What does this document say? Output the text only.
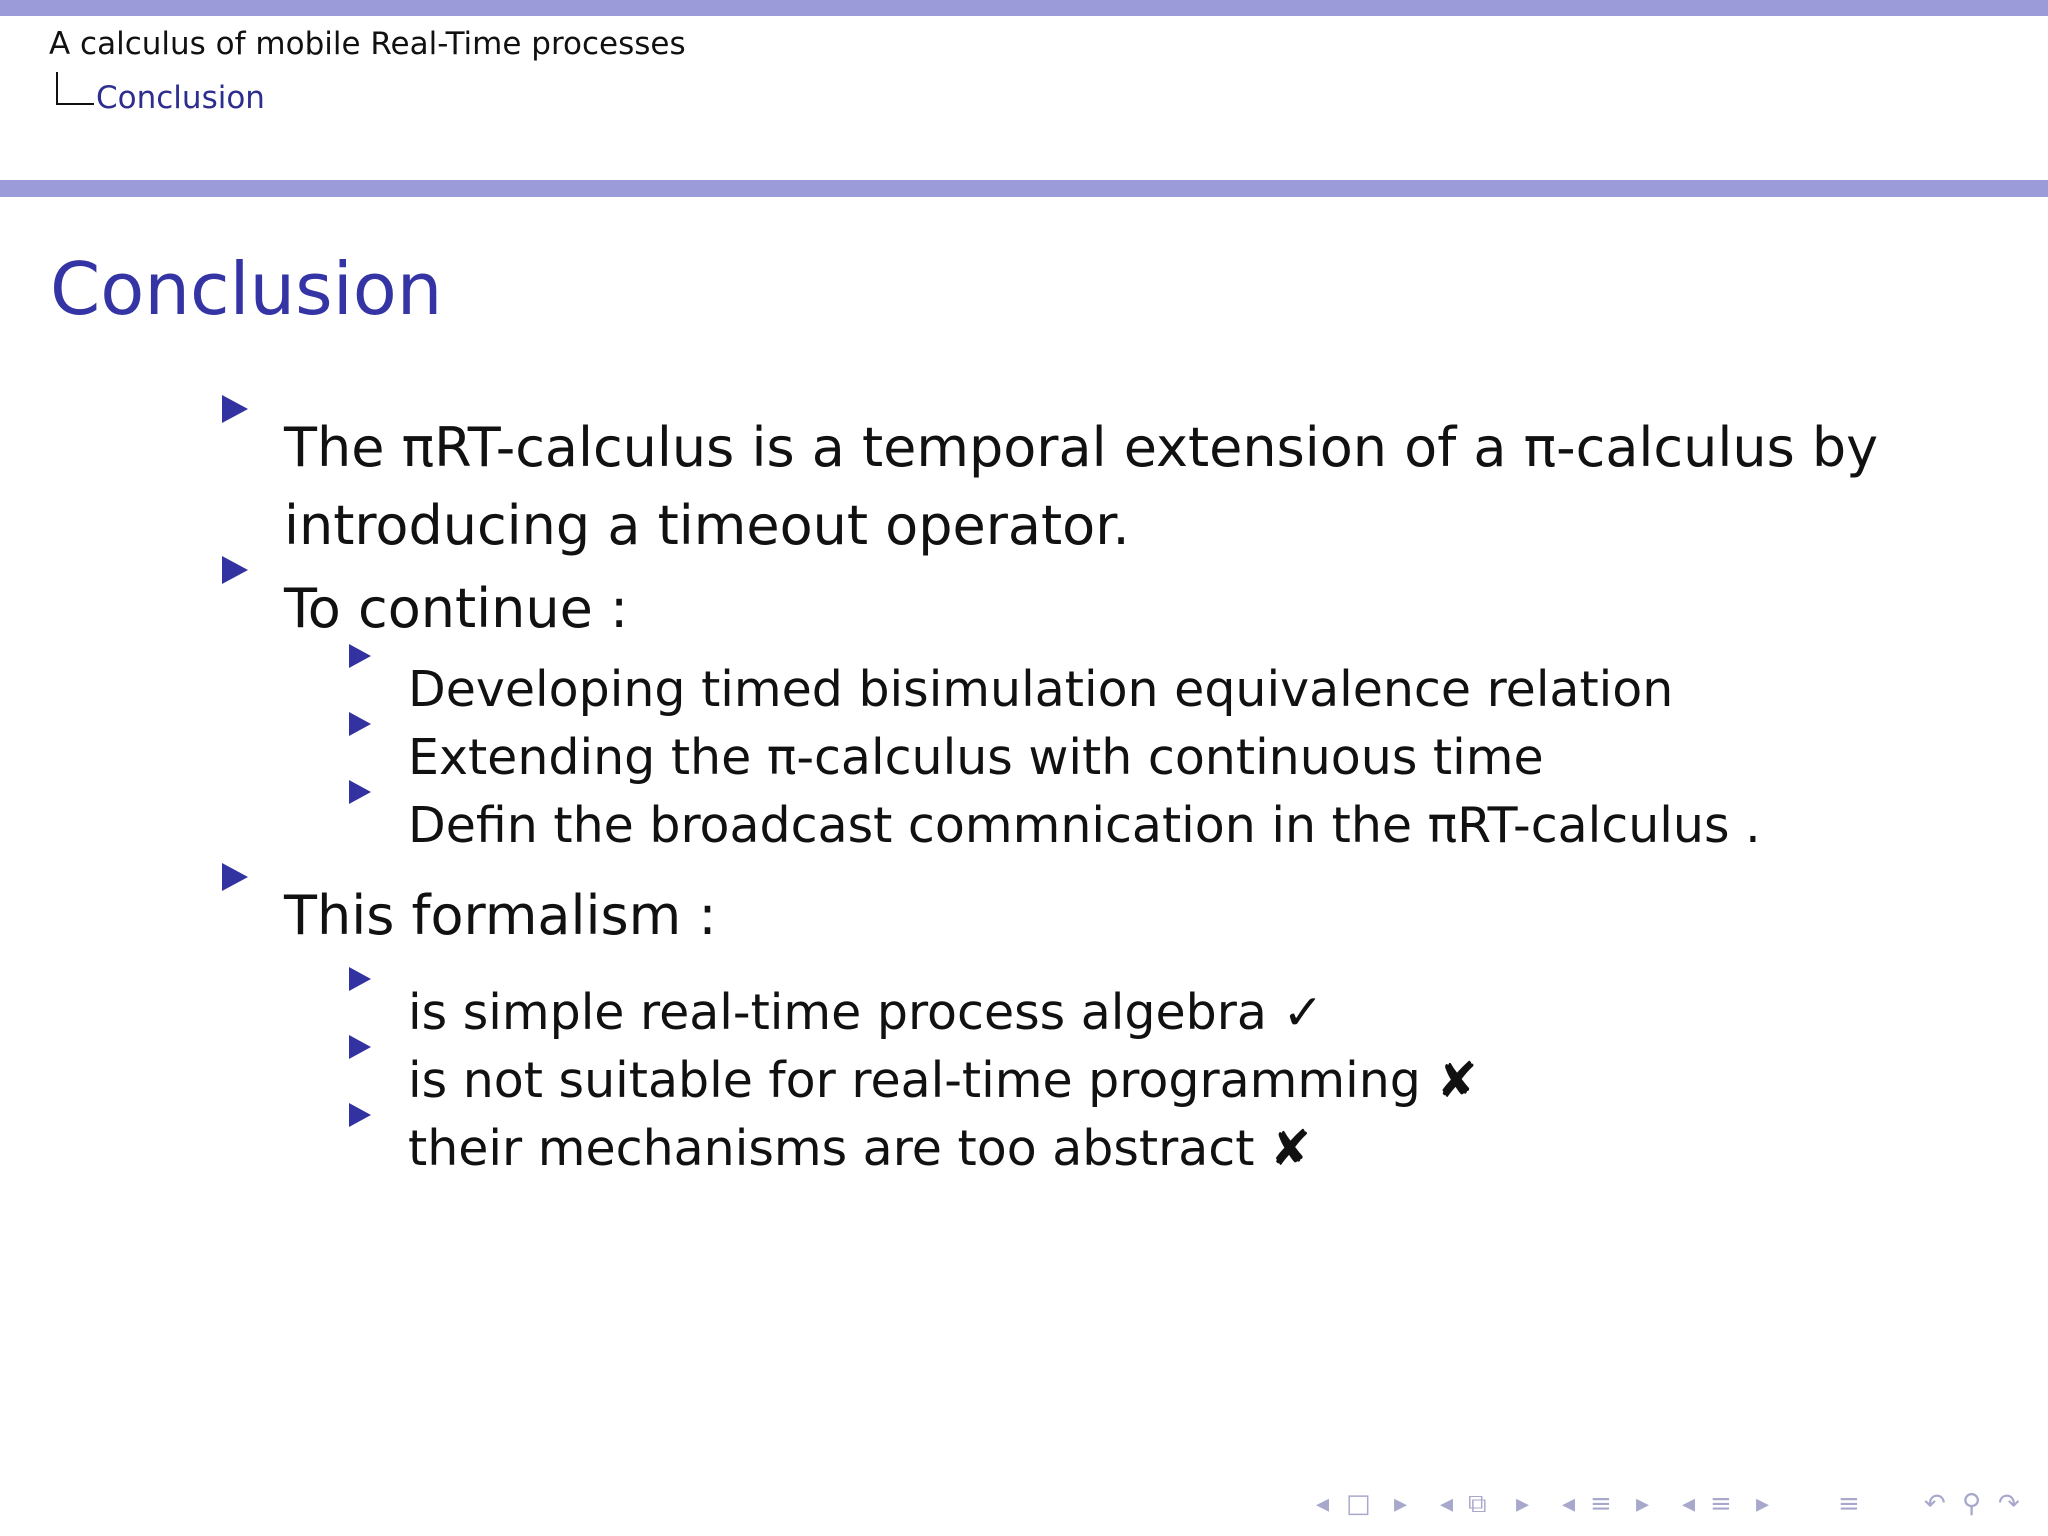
A calculus of mobile Real-Time processes
Conclusion
Conclusion
The πRT-calculus is a temporal extension of a π-calculus by
introducing a timeout operator.
To continue :
Developing timed bisimulation equivalence relation
Extending the π-calculus with continuous time
Defin the broadcast commnication in the πRT-calculus .
This formalism :
is simple real-time process algebra ✓
is not suitable for real-time programming ✘
their mechanisms are too abstract ✘
◂ □ ▸ ◂ ⧉ ▸ ◂ ≡ ▸ ◂ ≡ ▸	≡ ↶ ⚲ ↷
